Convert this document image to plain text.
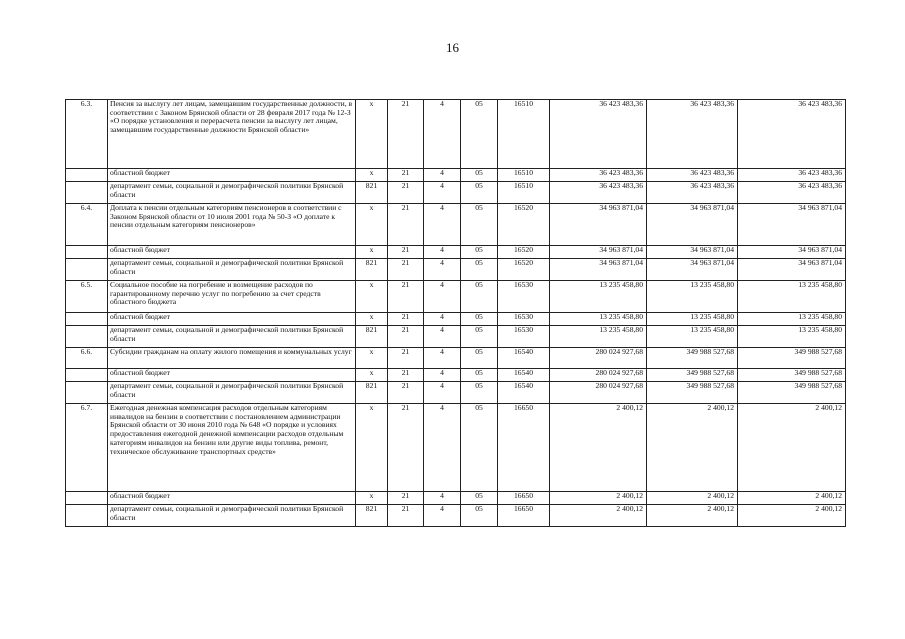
16
6.3.	Пенсия за выслугу лет лицам, замещавшим государственные должности, в соответствии с Законом Брянской области от 28 февраля 2017 года № 12-З «О порядке установления и перерасчета пенсии за выслугу лет лицам, замещавшим государственные должности Брянской области»	х	21	4	05	16510	36 423 483,36	36 423 483,36	36 423 483,36
	областной бюджет	х	21	4	05	16510	36 423 483,36	36 423 483,36	36 423 483,36
	департамент семьи, социальной и демографической политики Брянской области	821	21	4	05	16510	36 423 483,36	36 423 483,36	36 423 483,36
6.4.	Доплата к пенсии отдельным категориям пенсионеров в соответствии с Законом Брянской области от 10 июля 2001 года № 50-З «О доплате к пенсии отдельным категориям пенсионеров»	х	21	4	05	16520	34 963 871,04	34 963 871,04	34 963 871,04
	областной бюджет	х	21	4	05	16520	34 963 871,04	34 963 871,04	34 963 871,04
	департамент семьи, социальной и демографической политики Брянской области	821	21	4	05	16520	34 963 871,04	34 963 871,04	34 963 871,04
6.5.	Социальное пособие на погребение и возмещение расходов по гарантированному перечню услуг по погребению за счет средств областного бюджета	х	21	4	05	16530	13 235 458,80	13 235 458,80	13 235 458,80
	областной бюджет	х	21	4	05	16530	13 235 458,80	13 235 458,80	13 235 458,80
	департамент семьи, социальной и демографической политики Брянской области	821	21	4	05	16530	13 235 458,80	13 235 458,80	13 235 458,80
6.6.	Субсидии гражданам на оплату жилого помещения и коммунальных услуг	х	21	4	05	16540	280 024 927,68	349 988 527,68	349 988 527,68
	областной бюджет	х	21	4	05	16540	280 024 927,68	349 988 527,68	349 988 527,68
	департамент семьи, социальной и демографической политики Брянской области	821	21	4	05	16540	280 024 927,68	349 988 527,68	349 988 527,68
6.7.	Ежегодная денежная компенсация расходов отдельным категориям инвалидов на бензин в соответствии с постановлением администрации Брянской области от 30 июня 2010 года № 648 «О порядке и условиях предоставления ежегодной денежной компенсации расходов отдельным категориям инвалидов на бензин или другие виды топлива, ремонт, техническое обслуживание транспортных средств»	х	21	4	05	16650	2 400,12	2 400,12	2 400,12
	областной бюджет	х	21	4	05	16650	2 400,12	2 400,12	2 400,12
	департамент семьи, социальной и демографической политики Брянской области	821	21	4	05	16650	2 400,12	2 400,12	2 400,12
